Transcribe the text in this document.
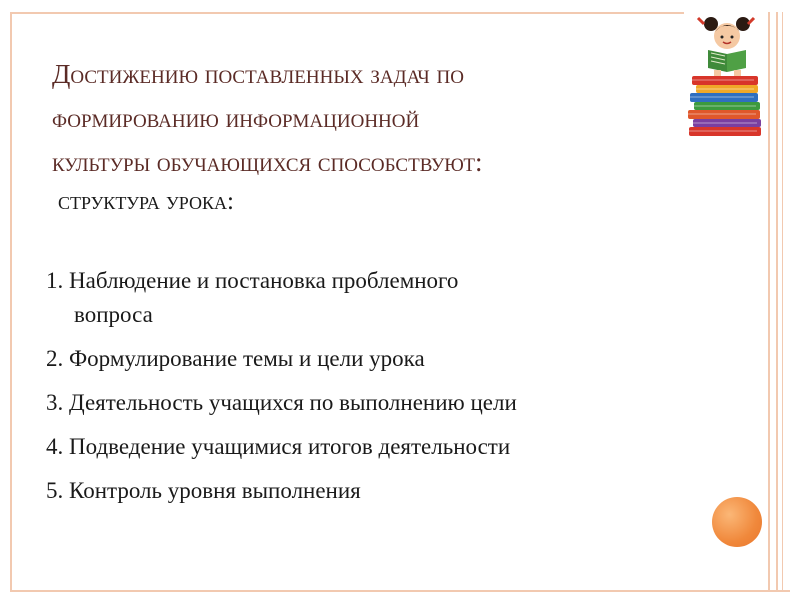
Достижению поставленных задач по
формированию информационной
культуры обучающихся способствуют:
структура урока:
1. Наблюдение и постановка проблемного
вопроса
2. Формулирование темы и цели урока
3. Деятельность учащихся по выполнению цели
4. Подведение учащимися итогов деятельности
5. Контроль уровня выполнения
